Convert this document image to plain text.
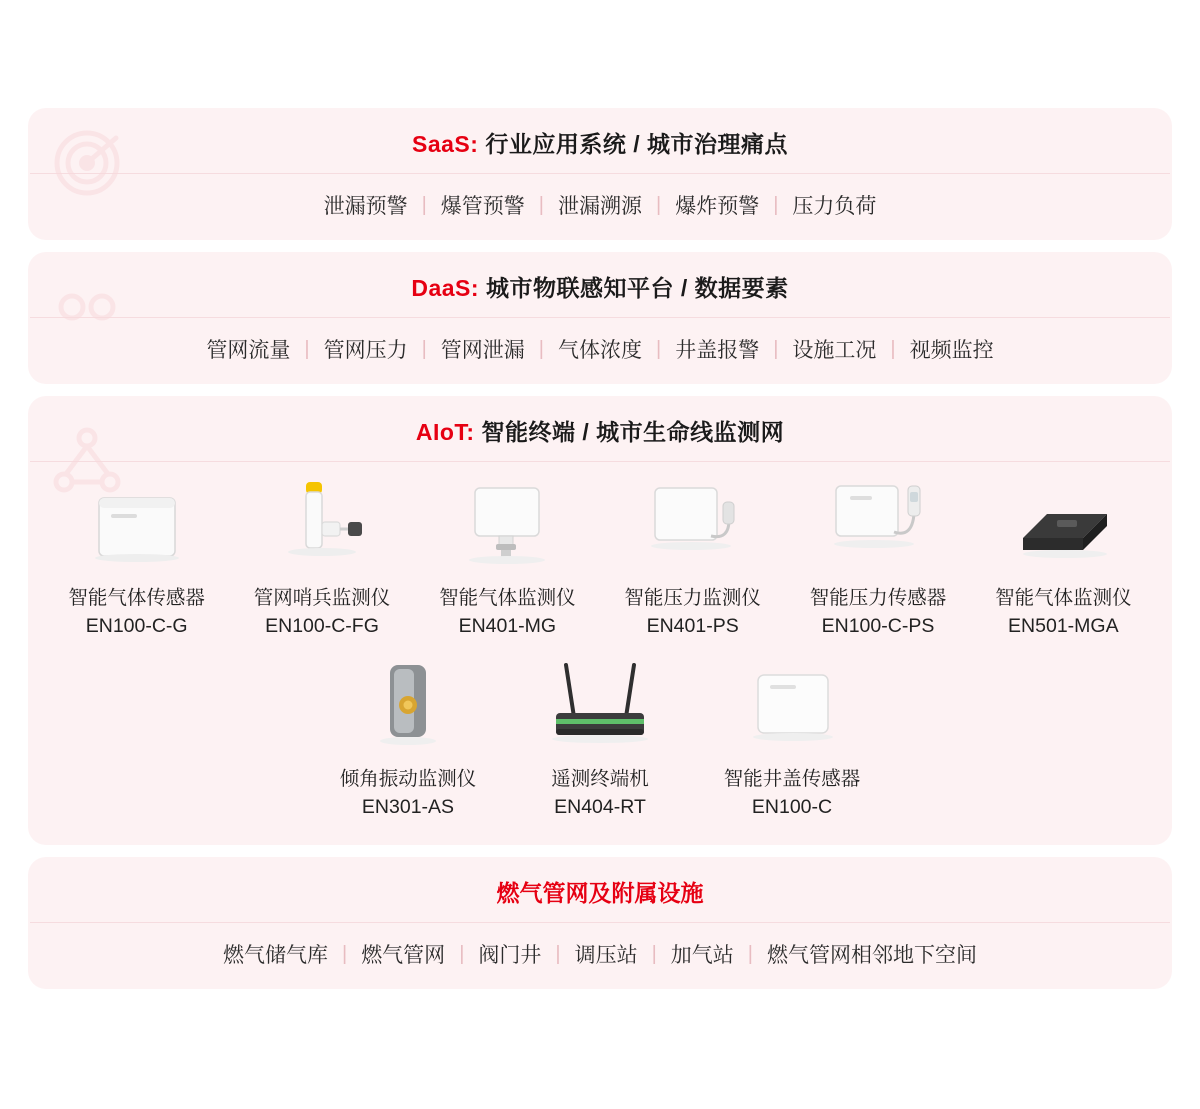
SaaS: 行业应用系统 / 城市治理痛点
泄漏预警 | 爆管预警 | 泄漏溯源 | 爆炸预警 | 压力负荷
DaaS: 城市物联感知平台 / 数据要素
管网流量 | 管网压力 | 管网泄漏 | 气体浓度 | 井盖报警 | 设施工况 | 视频监控
AIoT: 智能终端 / 城市生命线监测网
智能气体传感器
EN100-C-G
管网哨兵监测仪
EN100-C-FG
智能气体监测仪
EN401-MG
智能压力监测仪
EN401-PS
智能压力传感器
EN100-C-PS
智能气体监测仪
EN501-MGA
倾角振动监测仪
EN301-AS
遥测终端机
EN404-RT
智能井盖传感器
EN100-C
燃气管网及附属设施
燃气储气库 | 燃气管网 | 阀门井 | 调压站 | 加气站 | 燃气管网相邻地下空间
